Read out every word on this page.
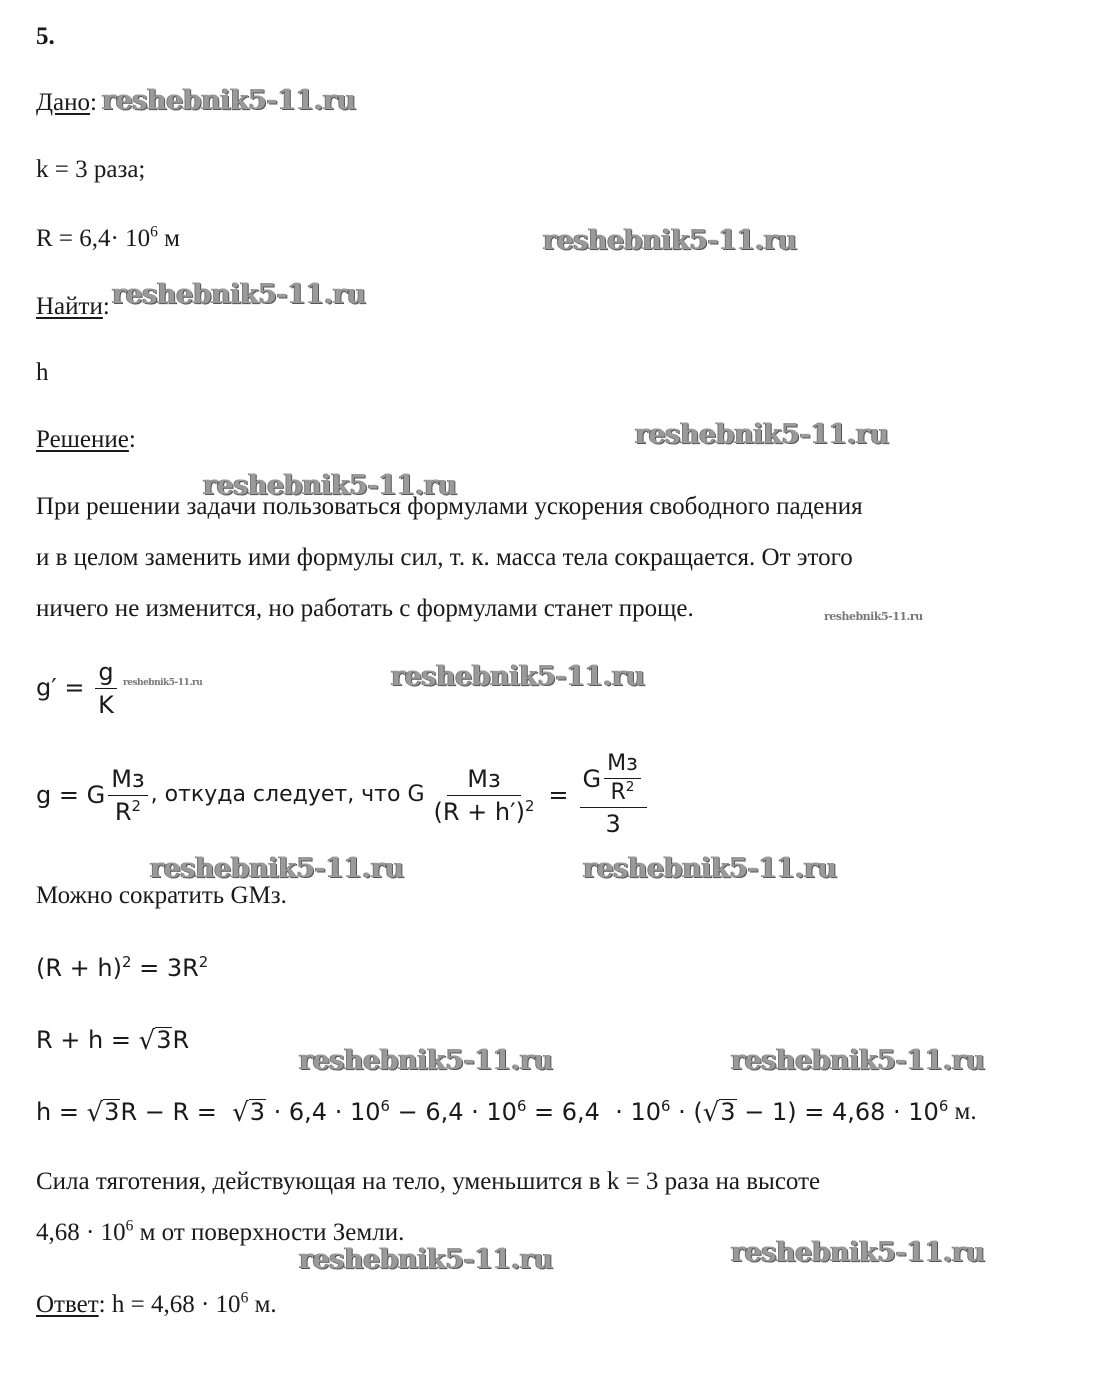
5.
Дано:
k = 3 раза;
$R = 6,4\cdot 10^6$ м
Найти:
h
Решение:
При решении задачи пользоваться формулами ускорения свободного падения
и в целом заменить ими формулы сил, т. к. масса тела сокращается. От этого
ничего не изменится, но работать с формулами станет проще.
$g' = \frac{g}{K}$
g = G $\frac{Mз}{R^2}$ , откуда следует, что G $\frac{Mз}{(R + h')^2} = \frac{G \frac{Mз}{R^2}}{3}$
Можно сократить GMз.
$(R + h)^2 = 3R^2$
R + h = √ 3 R
h = √ 3 R − R = √ $3 \cdot 6,4 \cdot 10^6 - 6,4 \cdot 10^6 = 6,4 \cdot 10^6$ · ( √ $3 - 1) = 4,68 \cdot 10^6$ м.
Сила тяготения, действующая на тело, уменьшится в k = 3 раза на высоте
$4,68 \cdot 10^6$ м от поверхности Земли.
Ответ: $h = 4,68 \cdot 10^6$ м.
reshebnik5-11.ru
reshebnik5-11.ru
reshebnik5-11.ru
reshebnik5-11.ru
reshebnik5-11.ru
reshebnik5-11.ru
reshebnik5-11.ru	reshebnik5-11.ru
reshebnik5-11.ru	reshebnik5-11.ru
reshebnik5-11.ru	reshebnik5-11.ru
reshebnik5-11.ru	reshebnik5-11.ru
